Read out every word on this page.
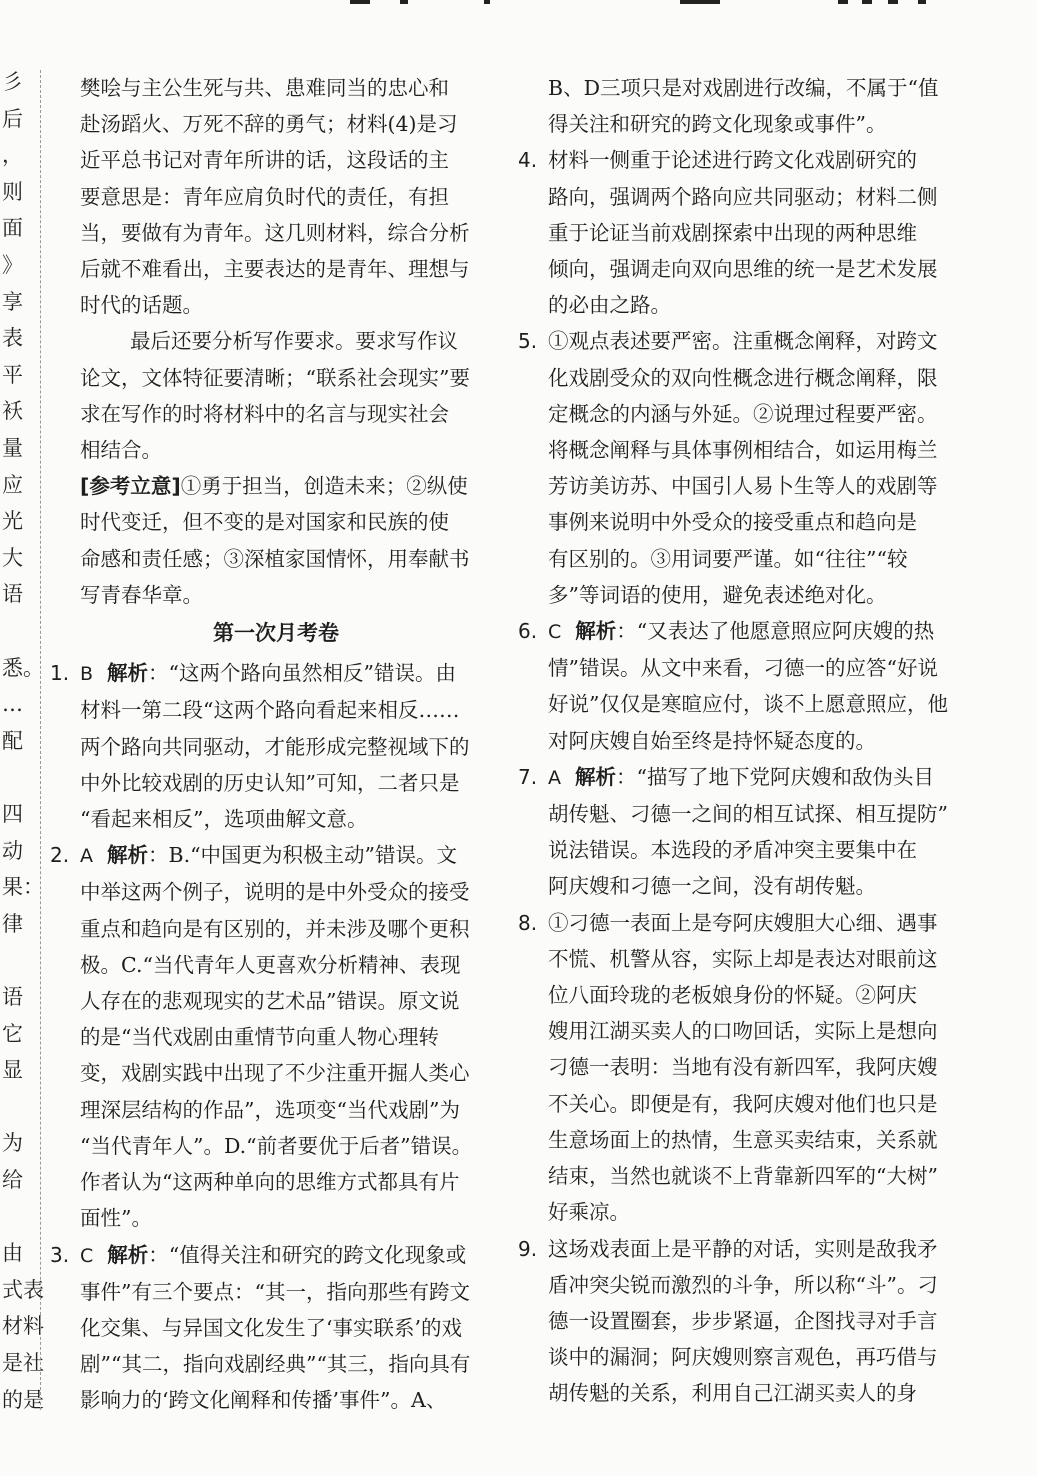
彡
后
，
则
面
》
享
表
平
袄
量
应
光
大
语
悉。
…
配
四
动
果：
律
语
它
显
为
给
由
式表
材料
是社
的是

樊哙与主公生死与共、患难同当的忠心和

赴汤蹈火、万死不辞的勇气；材料(4)是习

近平总书记对青年所讲的话，这段话的主

要意思是：青年应肩负时代的责任，有担

当，要做有为青年。这几则材料，综合分析

后就不难看出，主要表达的是青年、理想与

时代的话题。

最后还要分析写作要求。要求写作议

论文，文体特征要清晰；“联系社会现实”要

求在写作的时将材料中的名言与现实社会

相结合。

[参考立意]①勇于担当，创造未来；②纵使

时代变迁，但不变的是对国家和民族的使

命感和责任感；③深植家国情怀，用奉献书

写青春华章。

第一次月考卷

1. B 解析：“这两个路向虽然相反”错误。由

材料一第二段“这两个路向看起来相反……

两个路向共同驱动，才能形成完整视域下的

中外比较戏剧的历史认知”可知，二者只是

“看起来相反”，选项曲解文意。

2. A 解析：B.“中国更为积极主动”错误。文

中举这两个例子，说明的是中外受众的接受

重点和趋向是有区别的，并未涉及哪个更积

极。C.“当代青年人更喜欢分析精神、表现

人存在的悲观现实的艺术品”错误。原文说

的是“当代戏剧由重情节向重人物心理转

变，戏剧实践中出现了不少注重开掘人类心

理深层结构的作品”，选项变“当代戏剧”为

“当代青年人”。D.“前者要优于后者”错误。

作者认为“这两种单向的思维方式都具有片

面性”。

3. C 解析：“值得关注和研究的跨文化现象或

事件”有三个要点：“其一，指向那些有跨文

化交集、与异国文化发生了‘事实联系’的戏

剧”“其二，指向戏剧经典”“其三，指向具有

影响力的‘跨文化阐释和传播’事件”。A、

B、D三项只是对戏剧进行改编，不属于“值

得关注和研究的跨文化现象或事件”。

4. 材料一侧重于论述进行跨文化戏剧研究的

路向，强调两个路向应共同驱动；材料二侧

重于论证当前戏剧探索中出现的两种思维

倾向，强调走向双向思维的统一是艺术发展

的必由之路。

5. ①观点表述要严密。注重概念阐释，对跨文

化戏剧受众的双向性概念进行概念阐释，限

定概念的内涵与外延。②说理过程要严密。

将概念阐释与具体事例相结合，如运用梅兰

芳访美访苏、中国引人易卜生等人的戏剧等

事例来说明中外受众的接受重点和趋向是

有区别的。③用词要严谨。如“往往”“较

多”等词语的使用，避免表述绝对化。

6. C 解析：“又表达了他愿意照应阿庆嫂的热

情”错误。从文中来看，刁德一的应答“好说

好说”仅仅是寒暄应付，谈不上愿意照应，他

对阿庆嫂自始至终是持怀疑态度的。

7. A 解析：“描写了地下党阿庆嫂和敌伪头目

胡传魁、刁德一之间的相互试探、相互提防”

说法错误。本选段的矛盾冲突主要集中在

阿庆嫂和刁德一之间，没有胡传魁。

8. ①刁德一表面上是夸阿庆嫂胆大心细、遇事

不慌、机警从容，实际上却是表达对眼前这

位八面玲珑的老板娘身份的怀疑。②阿庆

嫂用江湖买卖人的口吻回话，实际上是想向

刁德一表明：当地有没有新四军，我阿庆嫂

不关心。即便是有，我阿庆嫂对他们也只是

生意场面上的热情，生意买卖结束，关系就

结束，当然也就谈不上背靠新四军的“大树”

好乘凉。

9. 这场戏表面上是平静的对话，实则是敌我矛

盾冲突尖锐而激烈的斗争，所以称“斗”。刁

德一设置圈套，步步紧逼，企图找寻对手言

谈中的漏洞；阿庆嫂则察言观色，再巧借与

胡传魁的关系，利用自己江湖买卖人的身
